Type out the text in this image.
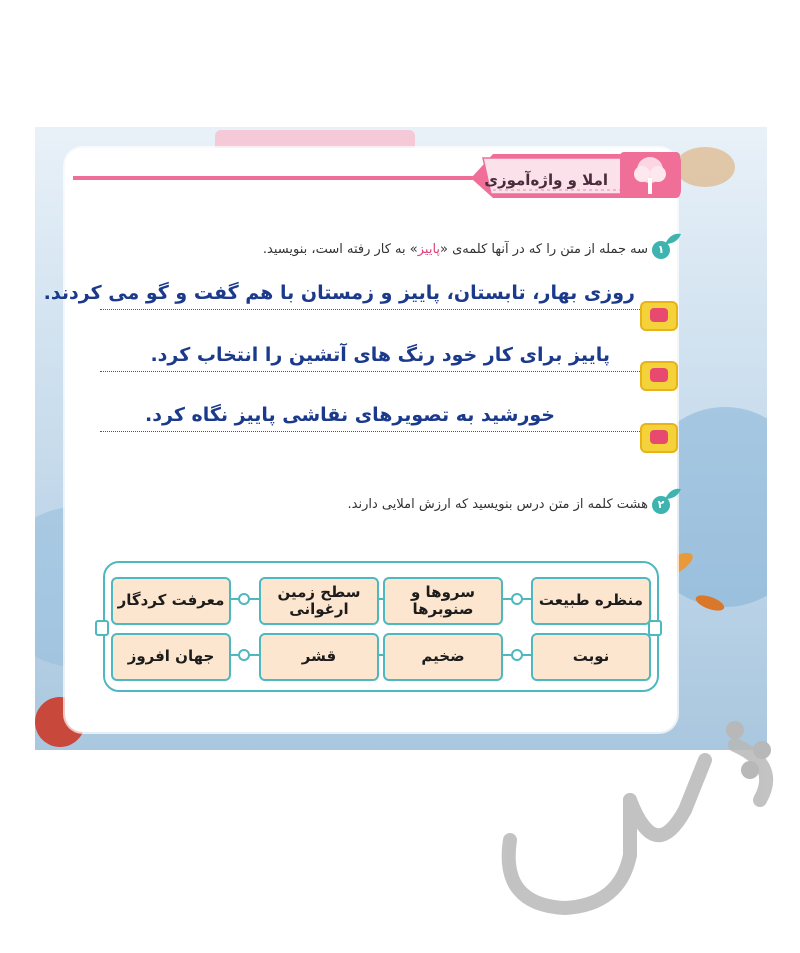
املا و واژه‌آموزی
۱
سه جمله از متن را که در آنها کلمه‌ی «پاییز» به کار رفته است، بنویسید.
روزی بهار، تابستان، پاییز و زمستان با هم گفت و گو می کردند.
پاییز برای کار خود رنگ های آتشین را انتخاب کرد.
خورشید به تصویرهای نقاشی پاییز نگاه کرد.
۲
هشت کلمه از متن درس بنویسید که ارزش املایی دارند.
منظره طبیعت
سروها و صنوبرها
سطح زمین ارغوانی
معرفت کردگار
نوبت
ضخیم
قشر
جهان افروز
